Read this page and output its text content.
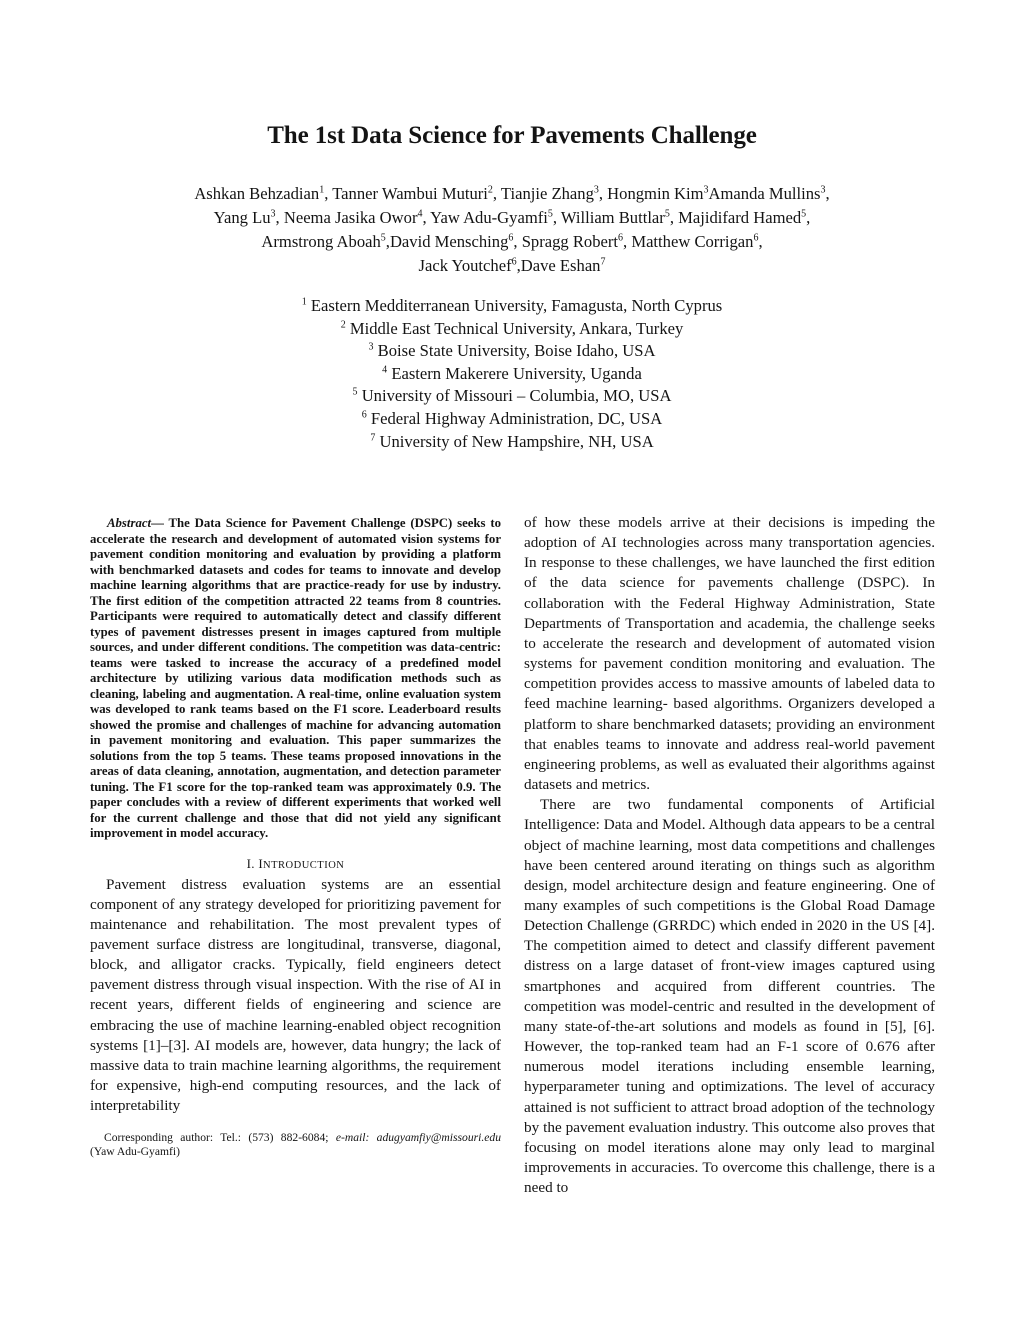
The 1st Data Science for Pavements Challenge
Ashkan Behzadian$^1$, Tanner Wambui Muturi$^2$, Tianjie Zhang$^3$, Hongmin Kim$^3$Amanda Mullins$^3$,
Yang Lu$^3$, Neema Jasika Owor$^4$, Yaw Adu-Gyamfi$^5$, William Buttlar$^5$, Majidifard Hamed$^5$,
Armstrong Aboah$^5$,David Mensching$^6$, Spragg Robert$^6$, Matthew Corrigan$^6$,
Jack Youtchef$^6$,Dave Eshan$^7$
$^1$ Eastern Medditerranean University, Famagusta, North Cyprus
$^2$ Middle East Technical University, Ankara, Turkey
$^3$ Boise State University, Boise Idaho, USA
$^4$ Eastern Makerere University, Uganda
$^5$ University of Missouri – Columbia, MO, USA
$^6$ Federal Highway Administration, DC, USA
$^7$ University of New Hampshire, NH, USA

Abstract— The Data Science for Pavement Challenge (DSPC) seeks to accelerate the research and development of automated vision systems for pavement condition monitoring and evaluation by providing a platform with benchmarked datasets and codes for teams to innovate and develop machine learning algorithms that are practice-ready for use by industry. The first edition of the competition attracted 22 teams from 8 countries. Participants were required to automatically detect and classify different types of pavement distresses present in images captured from multiple sources, and under different conditions. The competition was data-centric: teams were tasked to increase the accuracy of a predefined model architecture by utilizing various data modification methods such as cleaning, labeling and augmentation. A real-time, online evaluation system was developed to rank teams based on the F1 score. Leaderboard results showed the promise and challenges of machine for advancing automation in pavement monitoring and evaluation. This paper summarizes the solutions from the top 5 teams. These teams proposed innovations in the areas of data cleaning, annotation, augmentation, and detection parameter tuning. The F1 score for the top-ranked team was approximately 0.9. The paper concludes with a review of different experiments that worked well for the current challenge and those that did not yield any significant improvement in model accuracy.

I. INTRODUCTION

Pavement distress evaluation systems are an essential component of any strategy developed for prioritizing pavement for maintenance and rehabilitation. The most prevalent types of pavement surface distress are longitudinal, transverse, diagonal, block, and alligator cracks. Typically, field engineers detect pavement distress through visual inspection. With the rise of AI in recent years, different fields of engineering and science are embracing the use of machine learning-enabled object recognition systems [1]–[3]. AI models are, however, data hungry; the lack of massive data to train machine learning algorithms, the requirement for expensive, high-end computing resources, and the lack of interpretability

Corresponding author: Tel.: (573) 882-6084; e-mail: adugyamfiy@missouri.edu (Yaw Adu-Gyamfi)

of how these models arrive at their decisions is impeding the adoption of AI technologies across many transportation agencies. In response to these challenges, we have launched the first edition of the data science for pavements challenge (DSPC). In collaboration with the Federal Highway Administration, State Departments of Transportation and academia, the challenge seeks to accelerate the research and development of automated vision systems for pavement condition monitoring and evaluation. The competition provides access to massive amounts of labeled data to feed machine learning- based algorithms. Organizers developed a platform to share benchmarked datasets; providing an environment that enables teams to innovate and address real-world pavement engineering problems, as well as evaluated their algorithms against datasets and metrics.

There are two fundamental components of Artificial Intelligence: Data and Model. Although data appears to be a central object of machine learning, most data competitions and challenges have been centered around iterating on things such as algorithm design, model architecture design and feature engineering. One of many examples of such competitions is the Global Road Damage Detection Challenge (GRRDC) which ended in 2020 in the US [4]. The competition aimed to detect and classify different pavement distress on a large dataset of front-view images captured using smartphones and acquired from different countries. The competition was model-centric and resulted in the development of many state-of-the-art solutions and models as found in [5], [6]. However, the top-ranked team had an F-1 score of 0.676 after numerous model iterations including ensemble learning, hyperparameter tuning and optimizations. The level of accuracy attained is not sufficient to attract broad adoption of the technology by the pavement evaluation industry. This outcome also proves that focusing on model iterations alone may only lead to marginal improvements in accuracies. To overcome this challenge, there is a need to
